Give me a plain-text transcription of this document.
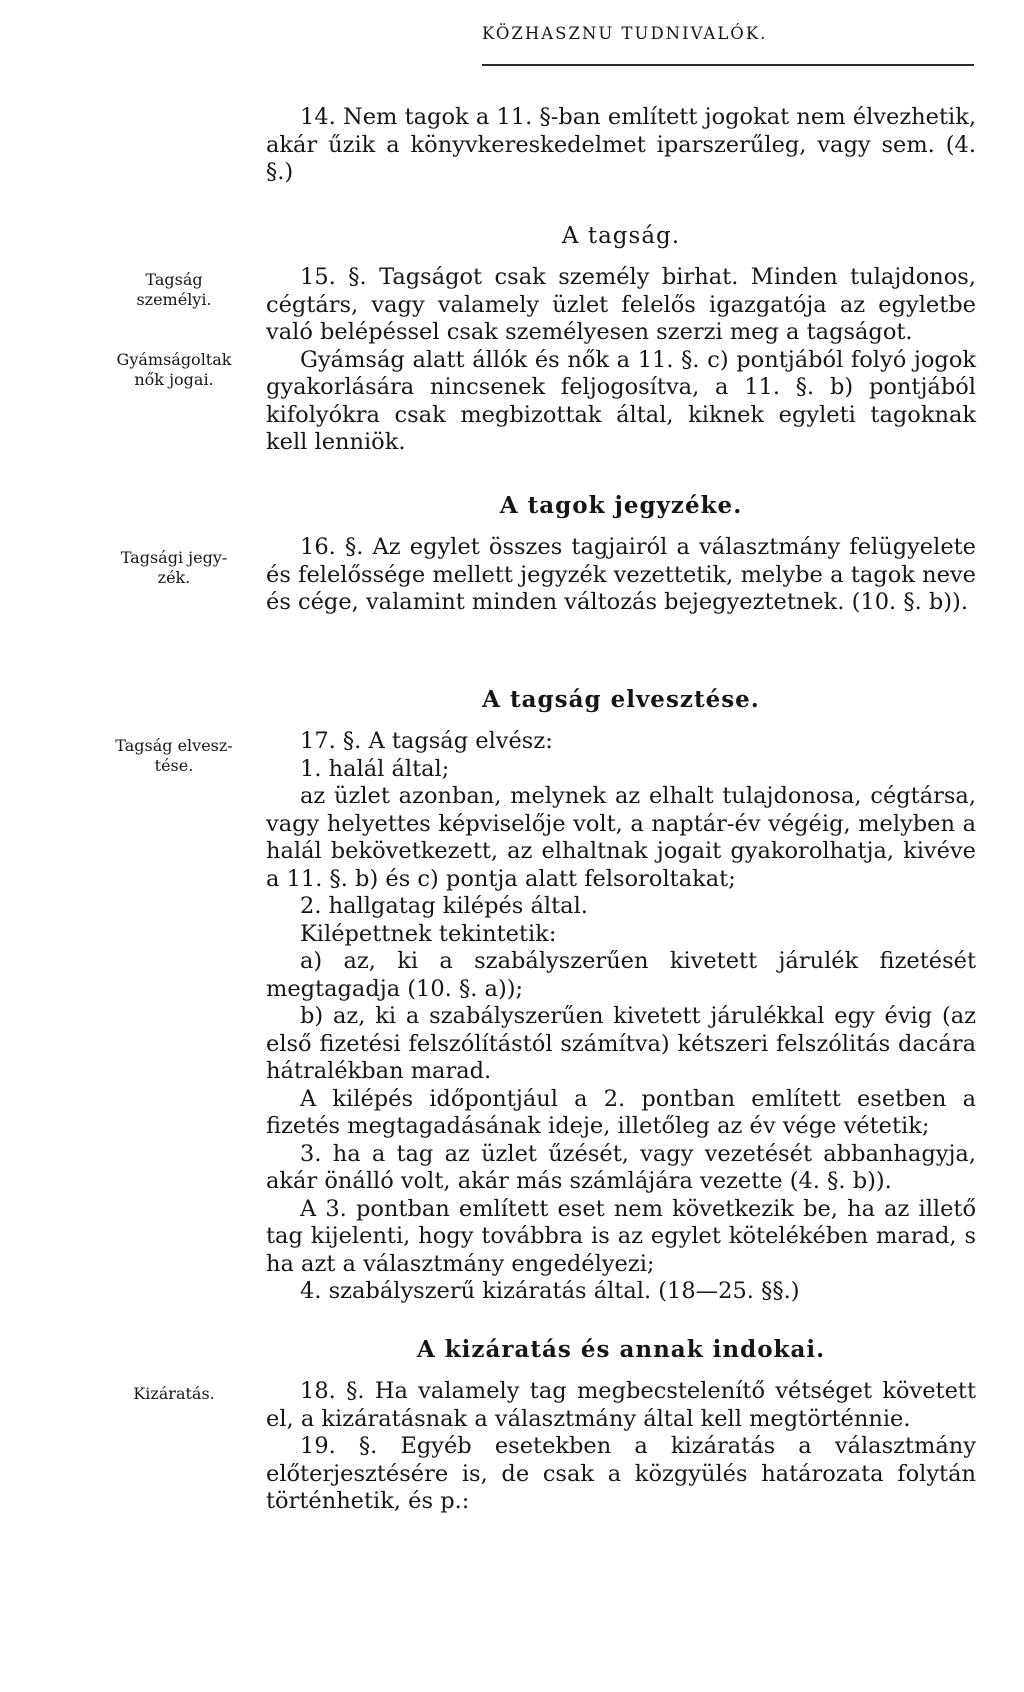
KÖZHASZNU TUDNIVALÓK.
Tagság
személyi.
Gyámságoltak
nők jogai.
Tagsági jegy-
zék.
Tagság elvesz-
tése.
Kizáratás.

14. Nem tagok a 11. §-ban említett jogokat nem élvezhetik, akár űzik a könyvkereskedelmet iparszerűleg, vagy sem. (4. §.)

A tagság.

15. §. Tagságot csak személy birhat. Minden tulajdonos, cégtárs, vagy valamely üzlet felelős igazgatója az egyletbe való belépéssel csak személyesen szerzi meg a tagságot.

Gyámság alatt állók és nők a 11. §. c) pontjából folyó jogok gyakorlására nincsenek feljogosítva, a 11. §. b) pontjából kifolyókra csak megbizottak által, kiknek egyleti tagoknak kell lenniök.

A tagok jegyzéke.

16. §. Az egylet összes tagjairól a választmány felügyelete és felelőssége mellett jegyzék vezettetik, melybe a tagok neve és cége, valamint minden változás bejegyeztetnek. (10. §. b)).

A tagság elvesztése.

17. §. A tagság elvész:

1. halál által;

az üzlet azonban, melynek az elhalt tulajdonosa, cégtársa, vagy helyettes képviselője volt, a naptár-év végéig, melyben a halál bekövetkezett, az elhaltnak jogait gyakorolhatja, kivéve a 11. §. b) és c) pontja alatt felsoroltakat;

2. hallgatag kilépés által.

Kilépettnek tekintetik:

a) az, ki a szabályszerűen kivetett járulék fizetését megtagadja (10. §. a));

b) az, ki a szabályszerűen kivetett járulékkal egy évig (az első fizetési felszólítástól számítva) kétszeri felszólitás dacára hátralékban marad.

A kilépés időpontjául a 2. pontban említett esetben a fizetés megtagadásának ideje, illetőleg az év vége vétetik;

3. ha a tag az üzlet űzését, vagy vezetését abbanhagyja, akár önálló volt, akár más számlájára vezette (4. §. b)).

A 3. pontban említett eset nem következik be, ha az illető tag kijelenti, hogy továbbra is az egylet kötelékében marad, s ha azt a választmány engedélyezi;

4. szabályszerű kizáratás által. (18—25. §§.)

A kizáratás és annak indokai.

18. §. Ha valamely tag megbecstelenítő vétséget követett el, a kizáratásnak a választmány által kell megtörténnie.

19. §. Egyéb esetekben a kizáratás a választmány előterjesztésére is, de csak a közgyülés határozata folytán történhetik, és p.:
